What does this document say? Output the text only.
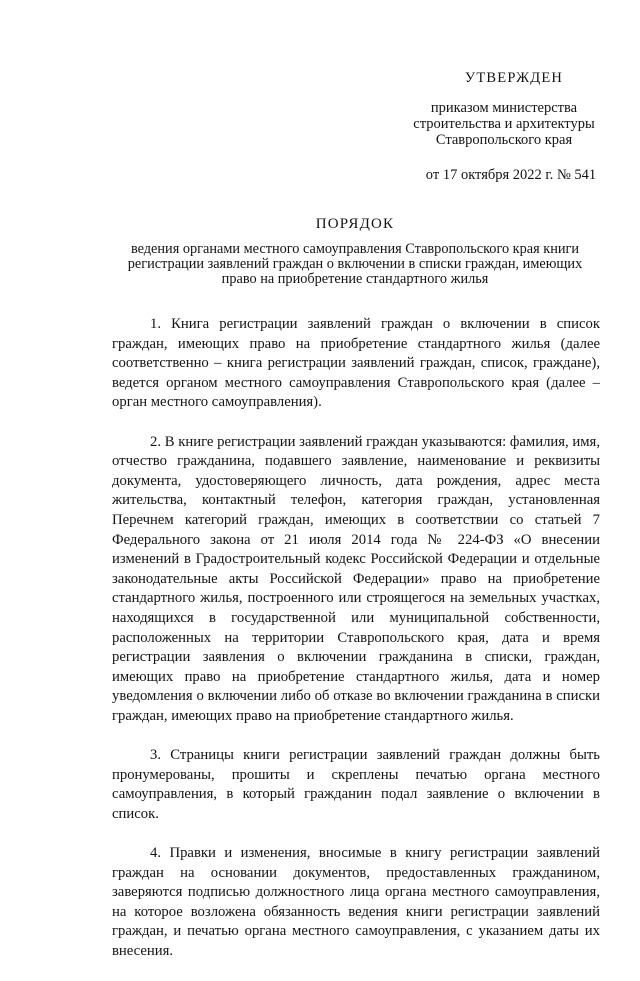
УТВЕРЖДЕН
приказом министерства
строительства и архитектуры
Ставропольского края
от 17 октября 2022 г. № 541
ПОРЯДОК
ведения органами местного самоуправления Ставропольского края книги регистрации заявлений граждан о включении в списки граждан, имеющих право на приобретение стандартного жилья

1. Книга регистрации заявлений граждан о включении в список граждан, имеющих право на приобретение стандартного жилья (далее соответственно – книга регистрации заявлений граждан, список, граждане), ведется органом местного самоуправления Ставропольского края (далее – орган местного самоуправления).

2. В книге регистрации заявлений граждан указываются: фамилия, имя, отчество гражданина, подавшего заявление, наименование и реквизиты документа, удостоверяющего личность, дата рождения, адрес места жительства, контактный телефон, категория граждан, установленная Перечнем категорий граждан, имеющих в соответствии со статьей 7 Федерального закона от 21 июля 2014 года № 224-ФЗ «О внесении изменений в Градостроительный кодекс Российской Федерации и отдельные законодательные акты Российской Федерации» право на приобретение стандартного жилья, построенного или строящегося на земельных участках, находящихся в государственной или муниципальной собственности, расположенных на территории Ставропольского края, дата и время регистрации заявления о включении гражданина в списки, граждан, имеющих право на приобретение стандартного жилья, дата и номер уведомления о включении либо об отказе во включении гражданина в списки граждан, имеющих право на приобретение стандартного жилья.

3. Страницы книги регистрации заявлений граждан должны быть пронумерованы, прошиты и скреплены печатью органа местного самоуправления, в который гражданин подал заявление о включении в список.

4. Правки и изменения, вносимые в книгу регистрации заявлений граждан на основании документов, предоставленных гражданином, заверяются подписью должностного лица органа местного самоуправления, на которое возложена обязанность ведения книги регистрации заявлений граждан, и печатью органа местного самоуправления, с указанием даты их внесения.
